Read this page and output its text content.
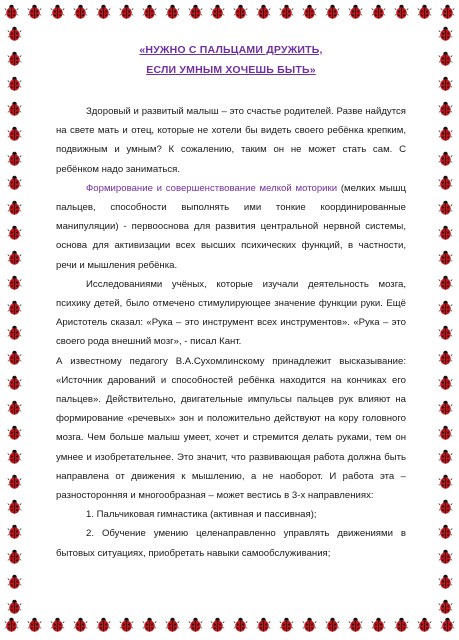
«НУЖНО С ПАЛЬЦАМИ ДРУЖИТЬ,
ЕСЛИ УМНЫМ ХОЧЕШЬ БЫТЬ»

Здоровый и развитый малыш – это счастье родителей. Разве найдутся на свете мать и отец, которые не хотели бы видеть своего ребёнка крепким, подвижным и умным? К сожалению, таким он не может стать сам. С ребёнком надо заниматься.

Формирование и совершенствование мелкой моторики (мелких мышц пальцев, способности выполнять ими тонкие координированные манипуляции) - первооснова для развития центральной нервной системы, основа для активизации всех высших психических функций, в частности, речи и мышления ребёнка.

Исследованиями учёных, которые изучали деятельность мозга, психику детей, было отмечено стимулирующее значение функции руки. Ещё Аристотель сказал: «Рука – это инструмент всех инструментов». «Рука – это своего рода внешний мозг», - писал Кант.

А известному педагогу В.А.Сухомлинскому принадлежит высказывание: «Источник дарований и способностей ребёнка находится на кончиках его пальцев». Действительно, двигательные импульсы пальцев рук влияют на формирование «речевых» зон и положительно действуют на кору головного мозга. Чем больше малыш умеет, хочет и стремится делать руками, тем он умнее и изобретательнее. Это значит, что развивающая работа должна быть направлена от движения к мышлению, а не наоборот. И работа эта – разносторонняя и многообразная – может вестись в 3-х направлениях:

1. Пальчиковая гимнастика (активная и пассивная);

2. Обучение умению целенаправленно управлять движениями в бытовых ситуациях, приобретать навыки самообслуживания;
